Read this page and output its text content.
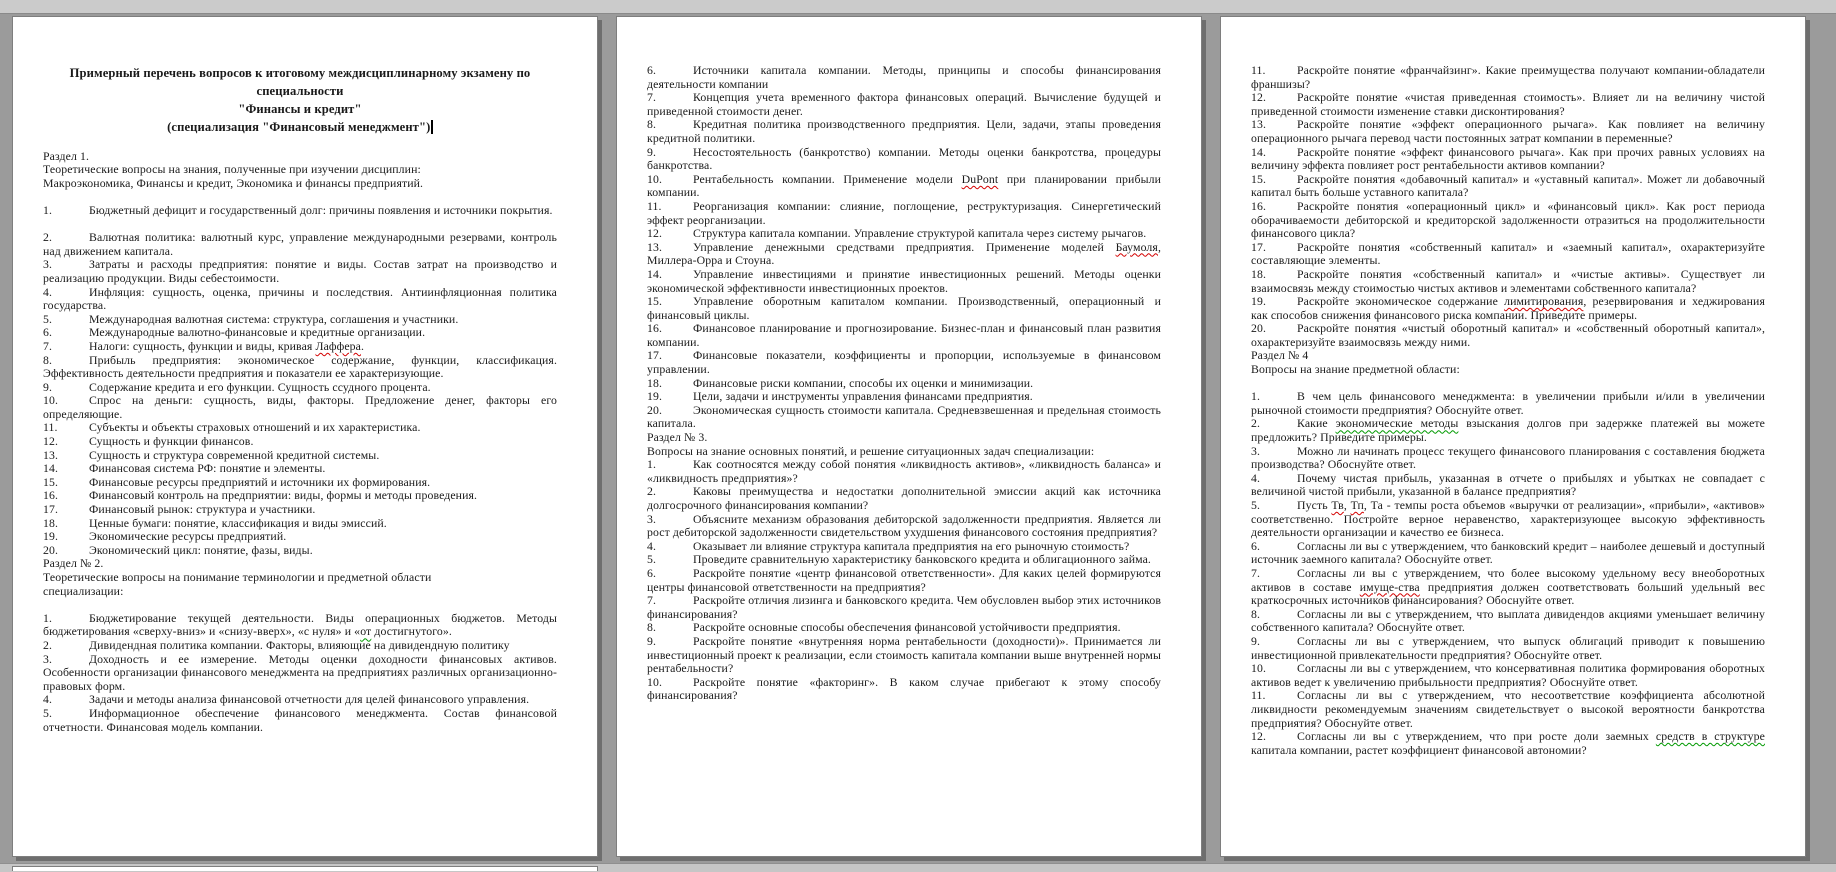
Примерный перечень вопросов к итоговому междисциплинарному экзамену по

специальности

"Финансы и кредит"

(специализация "Финансовый менеджмент")

Раздел 1.

Теоретические вопросы на знания, полученные при изучении дисциплин:

Макроэкономика, Финансы и кредит, Экономика и финансы предприятий.

1.	Бюджетный дефицит и государственный долг: причины появления и источники покрытия.

2.	Валютная политика: валютный курс, управление международными резервами, контроль над движением капитала.

3.	Затраты и расходы предприятия: понятие и виды. Состав затрат на производство и реализацию продукции. Виды себестоимости.

4.	Инфляция: сущность, оценка, причины и последствия. Антиинфляционная политика государства.

5.	Международная валютная система: структура, соглашения и участники.

6.	Международные валютно-финансовые и кредитные организации.

7.	Налоги: сущность, функции и виды, кривая Лаффера.

8.	Прибыль предприятия: экономическое содержание, функции, классификация. Эффективность деятельности предприятия и показатели ее характеризующие.

9.	Содержание кредита и его функции. Сущность ссудного процента.

10.	Спрос на деньги: сущность, виды, факторы. Предложение денег, факторы его определяющие.

11.	Субъекты и объекты страховых отношений и их характеристика.

12.	Сущность и функции финансов.

13.	Сущность и структура современной кредитной системы.

14.	Финансовая система РФ: понятие и элементы.

15.	Финансовые ресурсы предприятий и источники их формирования.

16.	Финансовый контроль на предприятии: виды, формы и методы проведения.

17.	Финансовый рынок: структура и участники.

18.	Ценные бумаги: понятие, классификация и виды эмиссий.

19.	Экономические ресурсы предприятий.

20.	Экономический цикл: понятие, фазы, виды.

Раздел № 2.

Теоретические вопросы на понимание терминологии и предметной области

специализации:

1.	Бюджетирование текущей деятельности. Виды операционных бюджетов. Методы бюджетирования «сверху-вниз» и «снизу-вверх», «с нуля» и «от достигнутого».

2.	Дивидендная политика компании. Факторы, влияющие на дивидендную политику

3.	Доходность и ее измерение. Методы оценки доходности финансовых активов. Особенности организации финансового менеджмента на предприятиях различных организационно-правовых форм.

4.	Задачи и методы анализа финансовой отчетности для целей финансового управления.

5.	Информационное обеспечение финансового менеджмента. Состав финансовой отчетности. Финансовая модель компании.

6.	Источники капитала компании. Методы, принципы и способы финансирования деятельности компании

7.	Концепция учета временного фактора финансовых операций. Вычисление будущей и приведенной стоимости денег.

8.	Кредитная политика производственного предприятия. Цели, задачи, этапы проведения кредитной политики.

9.	Несостоятельность (банкротство) компании. Методы оценки банкротства, процедуры банкротства.

10.	Рентабельность компании. Применение модели DuPont при планировании прибыли компании.

11.	Реорганизация компании: слияние, поглощение, реструктуризация. Синергетический эффект реорганизации.

12.	Структура капитала компании. Управление структурой капитала через систему рычагов.

13.	Управление денежными средствами предприятия. Применение моделей Баумоля, Миллера-Орра и Стоуна.

14.	Управление инвестициями и принятие инвестиционных решений. Методы оценки экономической эффективности инвестиционных проектов.

15.	Управление оборотным капиталом компании. Производственный, операционный и финансовый циклы.

16.	Финансовое планирование и прогнозирование. Бизнес-план и финансовый план развития компании.

17.	Финансовые показатели, коэффициенты и пропорции, используемые в финансовом управлении.

18.	Финансовые риски компании, способы их оценки и минимизации.

19.	Цели, задачи и инструменты управления финансами предприятия.

20.	Экономическая сущность стоимости капитала. Средневзвешенная и предельная стоимость капитала.

Раздел № 3.

Вопросы на знание основных понятий, и решение ситуационных задач специализации:

1.	Как соотносятся между собой понятия «ликвидность активов», «ликвидность баланса» и «ликвидность предприятия»?

2.	Каковы преимущества и недостатки дополнительной эмиссии акций как источника долгосрочного финансирования компании?

3.	Объясните механизм образования дебиторской задолженности предприятия. Является ли рост дебиторской задолженности свидетельством ухудшения финансового состояния предприятия?

4.	Оказывает ли влияние структура капитала предприятия на его рыночную стоимость?

5.	Проведите сравнительную характеристику банковского кредита и облигационного займа.

6.	Раскройте понятие «центр финансовой ответственности». Для каких целей формируются центры финансовой ответственности на предприятия?

7.	Раскройте отличия лизинга и банковского кредита. Чем обусловлен выбор этих источников финансирования?

8.	Раскройте основные способы обеспечения финансовой устойчивости предприятия.

9.	Раскройте понятие «внутренняя норма рентабельности (доходности)». Принимается ли инвестиционный проект к реализации, если стоимость капитала компании выше внутренней нормы рентабельности?

10.	Раскройте понятие «факторинг». В каком случае прибегают к этому способу финансирования?

11.	Раскройте понятие «франчайзинг». Какие преимущества получают компании-обладатели франшизы?

12.	Раскройте понятие «чистая приведенная стоимость». Влияет ли на величину чистой приведенной стоимости изменение ставки дисконтирования?

13.	Раскройте понятие «эффект операционного рычага». Как повлияет на величину операционного рычага перевод части постоянных затрат компании в переменные?

14.	Раскройте понятие «эффект финансового рычага». Как при прочих равных условиях на величину эффекта повлияет рост рентабельности активов компании?

15.	Раскройте понятия «добавочный капитал» и «уставный капитал». Может ли добавочный капитал быть больше уставного капитала?

16.	Раскройте понятия «операционный цикл» и «финансовый цикл». Как рост периода оборачиваемости дебиторской и кредиторской задолженности отразиться на продолжительности финансового цикла?

17.	Раскройте понятия «собственный капитал» и «заемный капитал», охарактеризуйте составляющие элементы.

18.	Раскройте понятия «собственный капитал» и «чистые активы». Существует ли взаимосвязь между стоимостью чистых активов и элементами собственного капитала?

19.	Раскройте экономическое содержание лимитирования, резервирования и хеджирования как способов снижения финансового риска компании. Приведите примеры.

20.	Раскройте понятия «чистый оборотный капитал» и «собственный оборотный капитал», охарактеризуйте взаимосвязь между ними.

Раздел № 4

Вопросы на знание предметной области:

1.	В чем цель финансового менеджмента: в увеличении прибыли и/или в увеличении рыночной стоимости предприятия? Обоснуйте ответ.

2.	Какие экономические методы взыскания долгов при задержке платежей вы можете предложить? Приведите примеры.

3.	Можно ли начинать процесс текущего финансового планирования с составления бюджета производства? Обоснуйте ответ.

4.	Почему чистая прибыль, указанная в отчете о прибылях и убытках не совпадает с величиной чистой прибыли, указанной в балансе предприятия?

5.	Пусть Тв, Тп, Та - темпы роста объемов «выручки от реализации», «прибыли», «активов» соответственно. Постройте верное неравенство, характеризующее высокую эффективность деятельности организации и качество ее бизнеса.

6.	Согласны ли вы с утверждением, что банковский кредит – наиболее дешевый и доступный источник заемного капитала? Обоснуйте ответ.

7.	Согласны ли вы с утверждением, что более высокому удельному весу внеоборотных активов в составе имуще-ства предприятия должен соответствовать больший удельный вес краткосрочных источников финансирования? Обоснуйте ответ.

8.	Согласны ли вы с утверждением, что выплата дивидендов акциями уменьшает величину собственного капитала? Обоснуйте ответ.

9.	Согласны ли вы с утверждением, что выпуск облигаций приводит к повышению инвестиционной привлекательности предприятия? Обоснуйте ответ.

10.	Согласны ли вы с утверждением, что консервативная политика формирования оборотных активов ведет к увеличению прибыльности предприятия? Обоснуйте ответ.

11.	Согласны ли вы с утверждением, что несоответствие коэффициента абсолютной ликвидности рекомендуемым значениям свидетельствует о высокой вероятности банкротства предприятия? Обоснуйте ответ.

12.	Согласны ли вы с утверждением, что при росте доли заемных средств в структуре капитала компании, растет коэффициент финансовой автономии?
